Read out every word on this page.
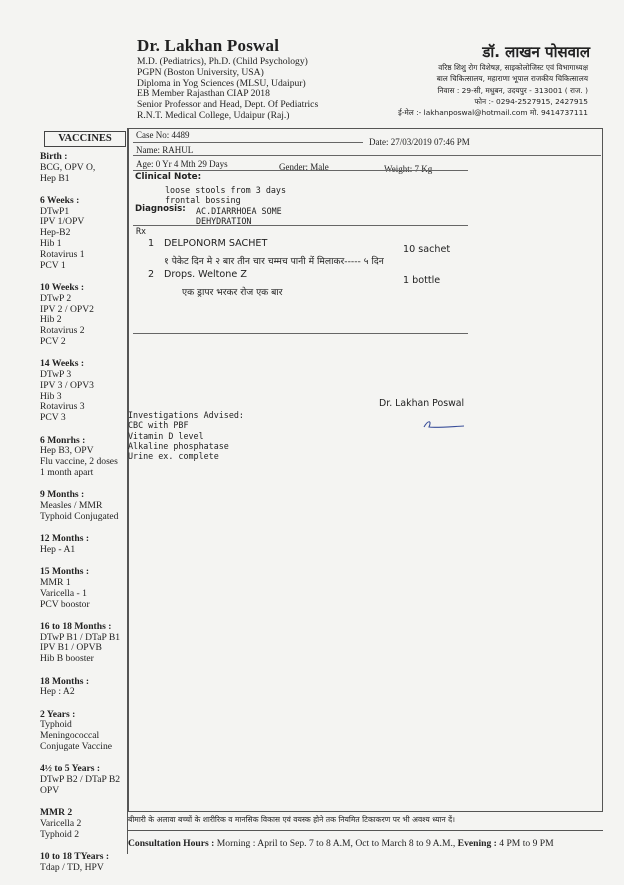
Dr. Lakhan Poswal
M.D. (Pediatrics), Ph.D. (Child Psychology)
PGPN (Boston University, USA)
Diploma in Yog Sciences (MLSU, Udaipur)
EB Member Rajasthan CIAP 2018
Senior Professor and Head, Dept. Of Pediatrics
R.N.T. Medical College, Udaipur (Raj.)
डॉ. लाखन पोसवाल
वरिष्ठ शिशु रोग विशेषज्ञ, साइकोलोजिस्ट एवं विभागाध्यक्ष
बाल चिकित्सालय, महाराणा भूपाल राजकीय चिकित्सालय
निवास : 29-सी, मधुबन, उदयपुर - 313001 ( राज. )
फोन :- 0294-2527915, 2427915
ई-मेल :- lakhanposwal@hotmail.com मो. 9414737111
VACCINES
Birth :
BCG, OPV O,
Hep B1
6 Weeks :
DTwP1
IPV 1/OPV
Hep-B2
Hib 1
Rotavirus 1
PCV 1
10 Weeks :
DTwP 2
IPV 2 / OPV2
Hib 2
Rotavirus 2
PCV 2
14 Weeks :
DTwP 3
IPV 3 / OPV3
Hib 3
Rotavirus 3
PCV 3
6 Monrhs :
Hep B3, OPV
Flu vaccine, 2 doses
1 month apart
9 Months :
Measles / MMR
Typhoid Conjugated
12 Months :
Hep - A1
15 Months :
MMR 1
Varicella - 1
PCV boostor
16 to 18 Months :
DTwP B1 / DTaP B1
IPV B1 / OPVB
Hib B booster
18 Months :
Hep : A2
2 Years :
Typhoid
Meningococcal
Conjugate Vaccine
4½ to 5 Years :
DTwP B2 / DTaP B2
OPV
MMR 2
Varicella 2
Typhoid 2
10 to 18 TYears :
Tdap / TD, HPV
Case No: 4489
Date: 27/03/2019 07:46 PM
Name: RAHUL
Age: 0 Yr 4 Mth 29 Days	Gender: Male	Weight: 7 Kg
Clinical Note:
loose stools from 3 days
frontal bossing
Diagnosis: AC.DIARRHOEA SOME
DEHYDRATION
Rx
1 DELPONORM SACHET
10 sachet
१ पेकेट दिन मे २ बार तीन चार चम्मच पानी में मिलाकर----- ५ दिन
2 Drops. Weltone Z
1 bottle
एक ड्रापर भरकर रोज एक बार
Dr. Lakhan Poswal
Investigations Advised:
CBC with PBF
Vitamin D level
Alkaline phosphatase
Urine ex. complete
बीमारी के अलावा बच्चों के शारीरिक व मानसिक विकास एवं वयस्क होने तक नियमित टिकाकरण पर भी अवश्य ध्यान दें।
Consultation Hours : Morning : April to Sep. 7 to 8 A.M, Oct to March 8 to 9 A.M., Evening : 4 PM to 9 PM
